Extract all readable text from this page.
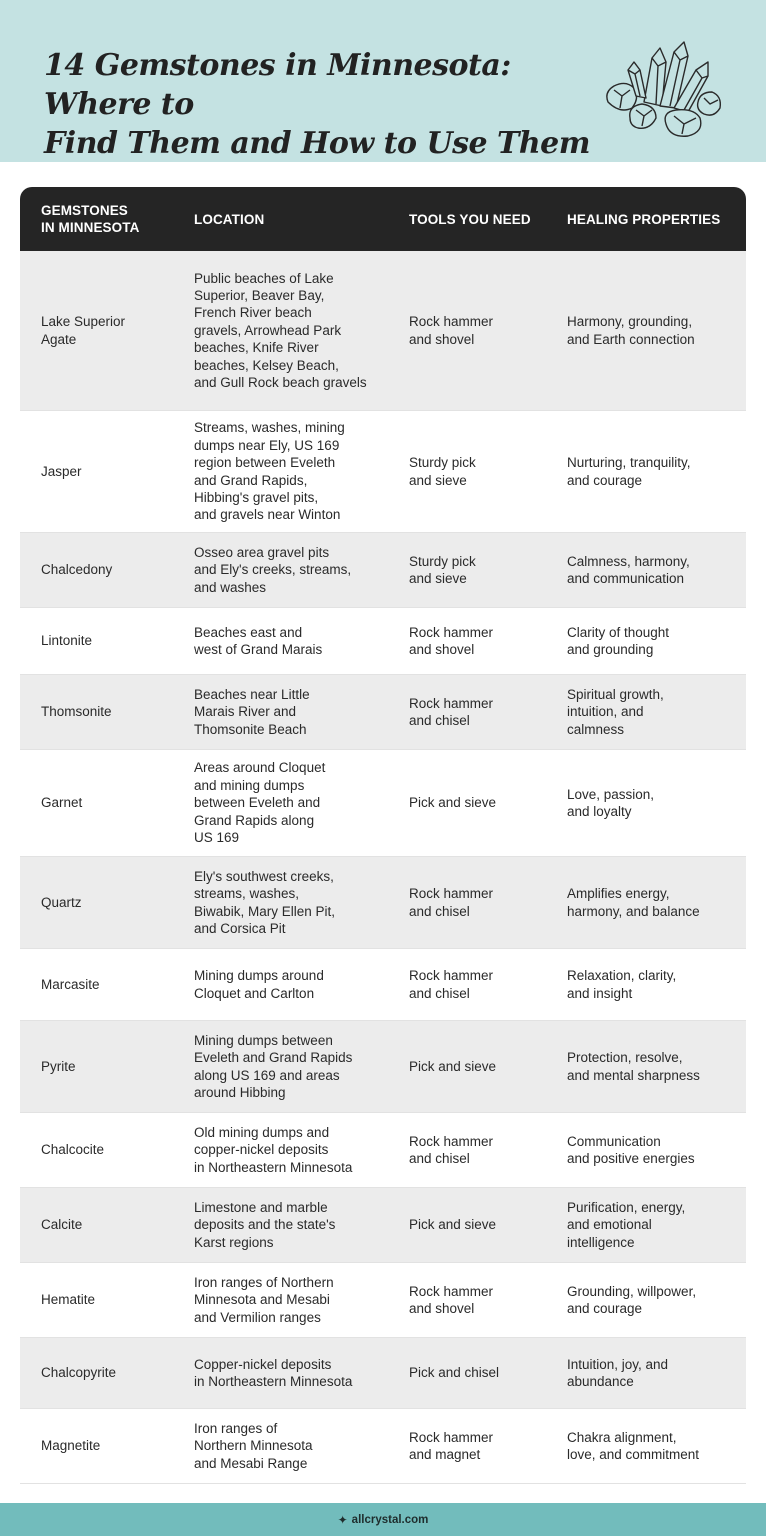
14 Gemstones in Minnesota: Where to
Find Them and How to Use Them
GEMSTONES
IN MINNESOTA
LOCATION	TOOLS YOU NEED	HEALING PROPERTIES
Lake Superior
Agate
Public beaches of Lake
Superior, Beaver Bay,
French River beach
gravels, Arrowhead Park
beaches, Knife River
beaches, Kelsey Beach,
and Gull Rock beach gravels
Rock hammer
and shovel
Harmony, grounding,
and Earth connection
Jasper
Streams, washes, mining
dumps near Ely, US 169
region between Eveleth
and Grand Rapids,
Hibbing's gravel pits,
and gravels near Winton
Sturdy pick
and sieve
Nurturing, tranquility,
and courage
Chalcedony
Osseo area gravel pits
and Ely's creeks, streams,
and washes
Sturdy pick
and sieve
Calmness, harmony,
and communication
Lintonite
Beaches east and
west of Grand Marais
Rock hammer
and shovel
Clarity of thought
and grounding
Thomsonite
Beaches near Little
Marais River and
Thomsonite Beach
Rock hammer
and chisel
Spiritual growth,
intuition, and
calmness
Garnet
Areas around Cloquet
and mining dumps
between Eveleth and
Grand Rapids along
US 169
Pick and sieve
Love, passion,
and loyalty
Quartz
Ely's southwest creeks,
streams, washes,
Biwabik, Mary Ellen Pit,
and Corsica Pit
Rock hammer
and chisel
Amplifies energy,
harmony, and balance
Marcasite
Mining dumps around
Cloquet and Carlton
Rock hammer
and chisel
Relaxation, clarity,
and insight
Pyrite
Mining dumps between
Eveleth and Grand Rapids
along US 169 and areas
around Hibbing
Pick and sieve
Protection, resolve,
and mental sharpness
Chalcocite
Old mining dumps and
copper-nickel deposits
in Northeastern Minnesota
Rock hammer
and chisel
Communication
and positive energies
Calcite
Limestone and marble
deposits and the state's
Karst regions
Pick and sieve
Purification, energy,
and emotional
intelligence
Hematite
Iron ranges of Northern
Minnesota and Mesabi
and Vermilion ranges
Rock hammer
and shovel
Grounding, willpower,
and courage
Chalcopyrite
Copper-nickel deposits
in Northeastern Minnesota
Pick and chisel
Intuition, joy, and
abundance
Magnetite
Iron ranges of
Northern Minnesota
and Mesabi Range
Rock hammer
and magnet
Chakra alignment,
love, and commitment
✦ allcrystal.com
